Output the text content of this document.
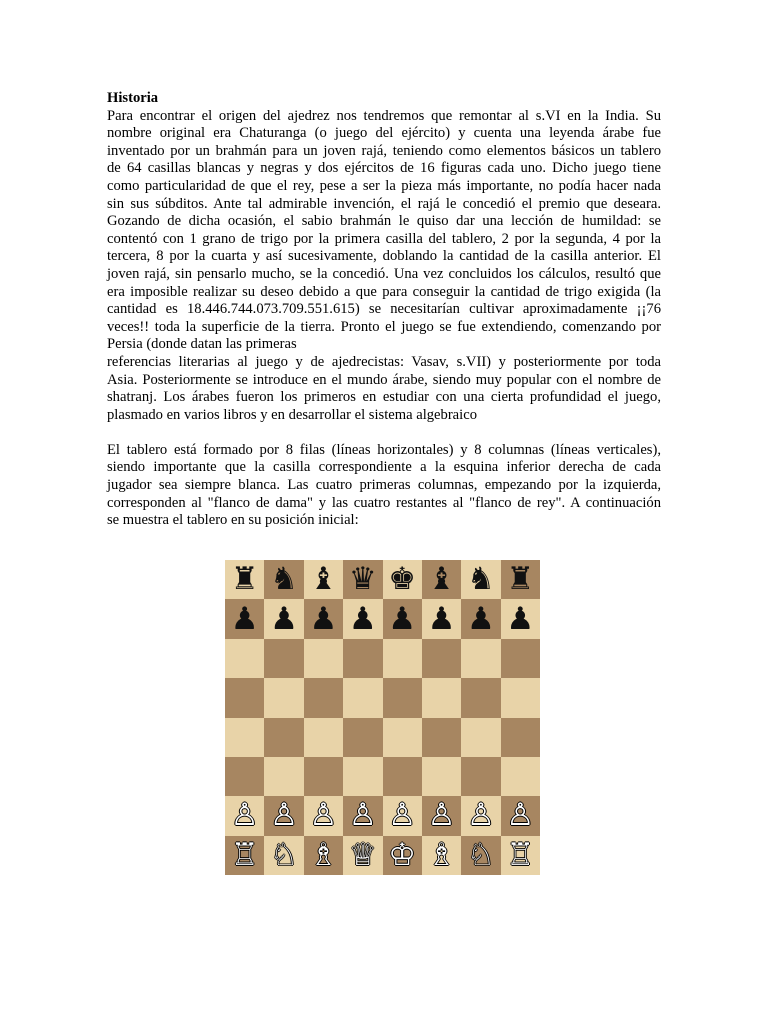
Historia

Para encontrar el origen del ajedrez nos tendremos que remontar al s.VI en la India. Su

nombre original era Chaturanga (o juego del ejército) y cuenta una leyenda árabe fue

inventado por un brahmán para un joven rajá, teniendo como elementos básicos un tablero

de 64 casillas blancas y negras y dos ejércitos de 16 figuras cada uno. Dicho juego tiene

como particularidad de que el rey, pese a ser la pieza más importante, no podía hacer nada

sin sus súbditos. Ante tal admirable invención, el rajá le concedió el premio que deseara.

Gozando de dicha ocasión, el sabio brahmán le quiso dar una lección de humildad: se

contentó con 1 grano de trigo por la primera casilla del tablero, 2 por la segunda, 4 por la

tercera, 8 por la cuarta y así sucesivamente, doblando la cantidad de la casilla anterior. El

joven rajá, sin pensarlo mucho, se la concedió. Una vez concluidos los cálculos, resultó que

era imposible realizar su deseo debido a que para conseguir la cantidad de trigo exigida (la

cantidad es 18.446.744.073.709.551.615) se necesitarían cultivar aproximadamente ¡¡76

veces!! toda la superficie de la tierra. Pronto el juego se fue extendiendo, comenzando por

Persia (donde datan las primeras

referencias literarias al juego y de ajedrecistas: Vasav, s.VII) y posteriormente por toda

Asia. Posteriormente se introduce en el mundo árabe, siendo muy popular con el nombre de

shatranj. Los árabes fueron los primeros en estudiar con una cierta profundidad el juego,

plasmado en varios libros y en desarrollar el sistema algebraico

El tablero está formado por 8 filas (líneas horizontales) y 8 columnas (líneas verticales),

siendo importante que la casilla correspondiente a la esquina inferior derecha de cada

jugador sea siempre blanca. Las cuatro primeras columnas, empezando por la izquierda,

corresponden al "flanco de dama" y las cuatro restantes al "flanco de rey". A continuación

se muestra el tablero en su posición inicial:

♜ ♞ ♝ ♛ ♚ ♝ ♞ ♜
♟ ♟ ♟ ♟ ♟ ♟ ♟ ♟
♙ ♙ ♙ ♙ ♙ ♙ ♙ ♙
♖ ♘ ♗ ♕ ♔ ♗ ♘ ♖
